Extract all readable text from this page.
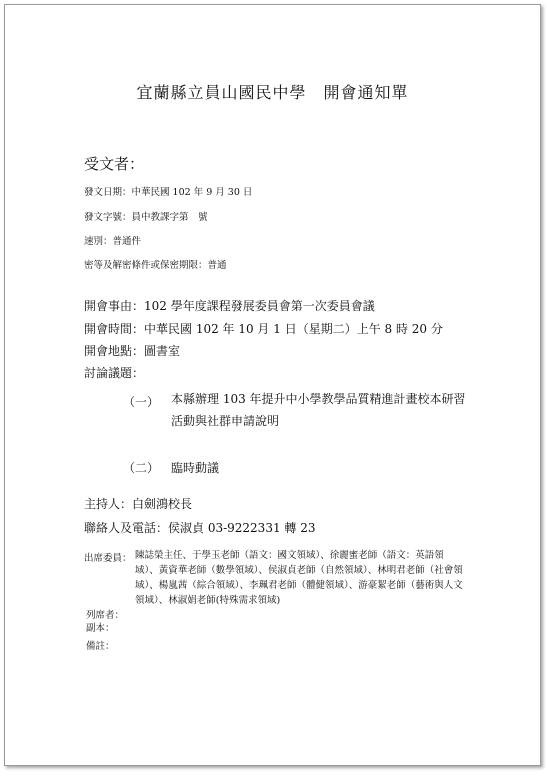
宜蘭縣立員山國民中學　開會通知單
受文者：
發文日期：中華民國 102 年 9 月 30 日
發文字號：員中教課字第　號
速別：普通件
密等及解密條件或保密期限：普通
開會事由：102 學年度課程發展委員會第一次委員會議
開會時間：中華民國 102 年 10 月 1 日（星期二）上午 8 時 20 分
開會地點：圖書室
討論議題：
（一） 本縣辦理 103 年提升中小學教學品質精進計畫校本研習活動與社群申請說明
（二） 臨時動議
主持人：白劍鴻校長
聯絡人及電話：侯淑貞 03-9222331 轉 23
出席委員： 陳誌榮主任、于學玉老師（語文：國文領域）、徐麗蜜老師（語文：英語領域）、黃資華老師（數學領域）、侯淑貞老師（自然領域）、林明君老師（社會領域）、楊嵐茜（綜合領域）、李珮君老師（體健領域）、游豪絜老師（藝術與人文領域）、林淑娟老師(特殊需求領域)
列席者：
副本：
備註：
